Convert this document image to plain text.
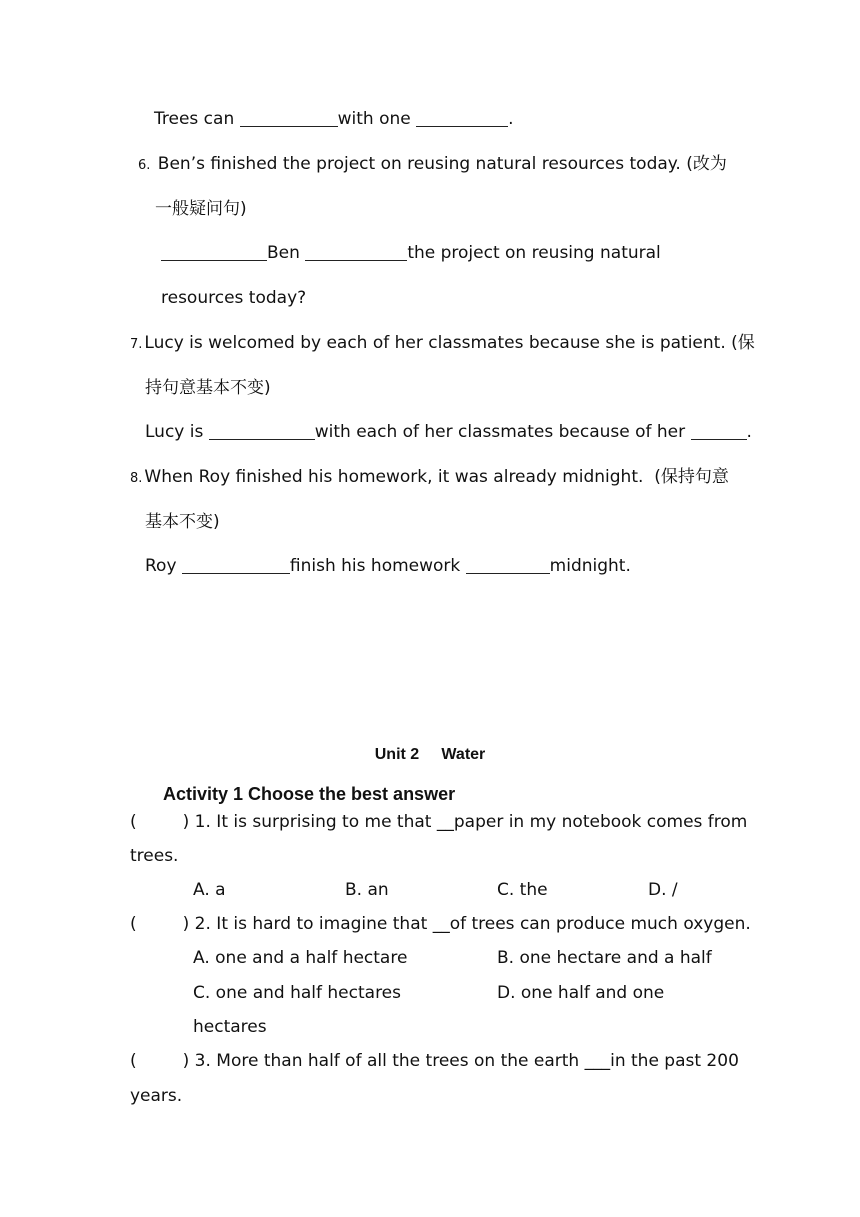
Trees can	with one	.
6. Ben’s finished the project on reusing natural resources today. (改为
一般疑问句)
Ben	the project on reusing natural
resources today?
7. Lucy is welcomed by each of her classmates because she is patient. (保
持句意基本不变)
Lucy is	with each of her classmates because of her	.
8. When Roy finished his homework, it was already midnight.  (保持句意
基本不变)
Roy	finish his homework	midnight.
Unit 2     Water
Activity 1 Choose the best answer
(	) 1. It is surprising to me that __paper in my notebook comes from
trees.
A. a	B. an	C. the	D. /
(	) 2. It is hard to imagine that __of trees can produce much oxygen.
A. one and a half hectare	B. one hectare and a half
C. one and half hectares	D. one half and one
hectares
(	) 3. More than half of all the trees on the earth ___in the past 200
years.
